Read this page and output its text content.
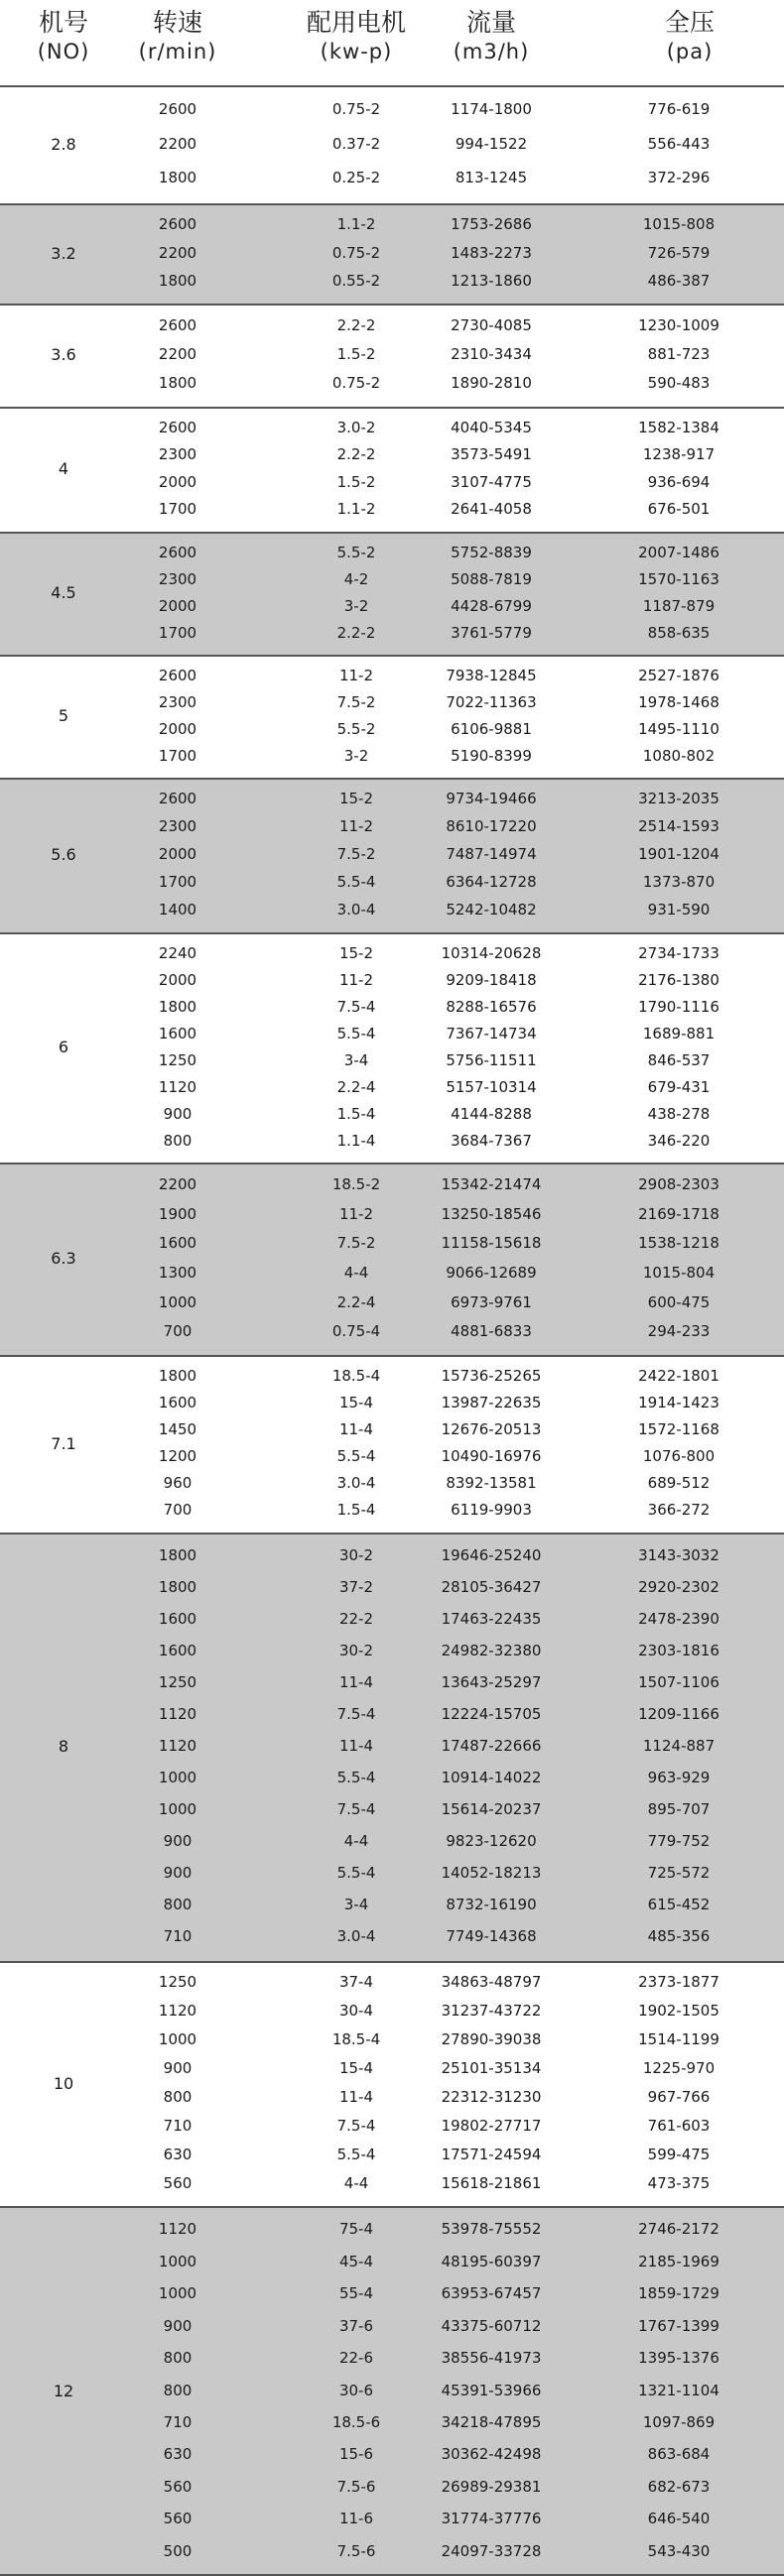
机号
(NO)
转速
(r/min)
配用电机
(kw-p)
流量
(m3/h)
全压
(pa)
2.8
2600	0.75-2	1174-1800	776-619
2200	0.37-2	994-1522	556-443
1800	0.25-2	813-1245	372-296
3.2
2600	1.1-2	1753-2686	1015-808
2200	0.75-2	1483-2273	726-579
1800	0.55-2	1213-1860	486-387
3.6
2600	2.2-2	2730-4085	1230-1009
2200	1.5-2	2310-3434	881-723
1800	0.75-2	1890-2810	590-483
4
2600	3.0-2	4040-5345	1582-1384
2300	2.2-2	3573-5491	1238-917
2000	1.5-2	3107-4775	936-694
1700	1.1-2	2641-4058	676-501
4.5
2600	5.5-2	5752-8839	2007-1486
2300	4-2	5088-7819	1570-1163
2000	3-2	4428-6799	1187-879
1700	2.2-2	3761-5779	858-635
5
2600	11-2	7938-12845	2527-1876
2300	7.5-2	7022-11363	1978-1468
2000	5.5-2	6106-9881	1495-1110
1700	3-2	5190-8399	1080-802
5.6
2600	15-2	9734-19466	3213-2035
2300	11-2	8610-17220	2514-1593
2000	7.5-2	7487-14974	1901-1204
1700	5.5-4	6364-12728	1373-870
1400	3.0-4	5242-10482	931-590
6
2240	15-2	10314-20628	2734-1733
2000	11-2	9209-18418	2176-1380
1800	7.5-4	8288-16576	1790-1116
1600	5.5-4	7367-14734	1689-881
1250	3-4	5756-11511	846-537
1120	2.2-4	5157-10314	679-431
900	1.5-4	4144-8288	438-278
800	1.1-4	3684-7367	346-220
6.3
2200	18.5-2	15342-21474	2908-2303
1900	11-2	13250-18546	2169-1718
1600	7.5-2	11158-15618	1538-1218
1300	4-4	9066-12689	1015-804
1000	2.2-4	6973-9761	600-475
700	0.75-4	4881-6833	294-233
7.1
1800	18.5-4	15736-25265	2422-1801
1600	15-4	13987-22635	1914-1423
1450	11-4	12676-20513	1572-1168
1200	5.5-4	10490-16976	1076-800
960	3.0-4	8392-13581	689-512
700	1.5-4	6119-9903	366-272
8
1800	30-2	19646-25240	3143-3032
1800	37-2	28105-36427	2920-2302
1600	22-2	17463-22435	2478-2390
1600	30-2	24982-32380	2303-1816
1250	11-4	13643-25297	1507-1106
1120	7.5-4	12224-15705	1209-1166
1120	11-4	17487-22666	1124-887
1000	5.5-4	10914-14022	963-929
1000	7.5-4	15614-20237	895-707
900	4-4	9823-12620	779-752
900	5.5-4	14052-18213	725-572
800	3-4	8732-16190	615-452
710	3.0-4	7749-14368	485-356
10
1250	37-4	34863-48797	2373-1877
1120	30-4	31237-43722	1902-1505
1000	18.5-4	27890-39038	1514-1199
900	15-4	25101-35134	1225-970
800	11-4	22312-31230	967-766
710	7.5-4	19802-27717	761-603
630	5.5-4	17571-24594	599-475
560	4-4	15618-21861	473-375
12
1120	75-4	53978-75552	2746-2172
1000	45-4	48195-60397	2185-1969
1000	55-4	63953-67457	1859-1729
900	37-6	43375-60712	1767-1399
800	22-6	38556-41973	1395-1376
800	30-6	45391-53966	1321-1104
710	18.5-6	34218-47895	1097-869
630	15-6	30362-42498	863-684
560	7.5-6	26989-29381	682-673
560	11-6	31774-37776	646-540
500	7.5-6	24097-33728	543-430
